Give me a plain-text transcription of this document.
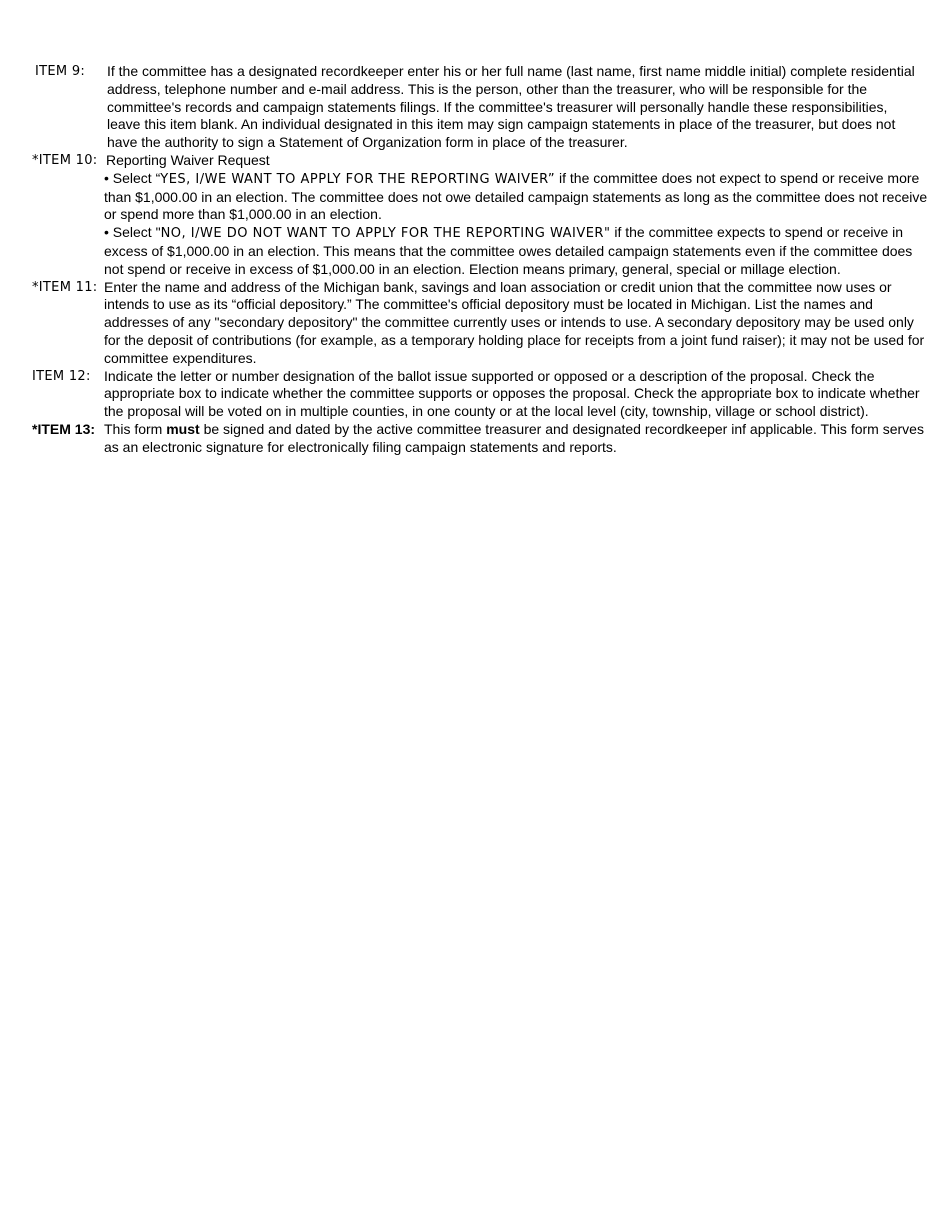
ITEM 9:	If the committee has a designated recordkeeper enter his or her full name (last name, first name middle initial) complete residential address, telephone number and e-mail address. This is the person, other than the treasurer, who will be responsible for the committee's records and campaign statements filings. If the committee's treasurer will personally handle these responsibilities, leave this item blank. An individual designated in this item may sign campaign statements in place of the treasurer, but does not have the authority to sign a Statement of Organization form in place of the treasurer.

*ITEM 10: Reporting Waiver Request

• Select “YES, I/WE WANT TO APPLY FOR THE REPORTING WAIVER” if the committee does not expect to spend or receive more than $1,000.00 in an election. The committee does not owe detailed campaign statements as long as the committee does not receive or spend more than $1,000.00 in an election.

• Select "NO, I/WE DO NOT WANT TO APPLY FOR THE REPORTING WAIVER" if the committee expects to spend or receive in excess of $1,000.00 in an election. This means that the committee owes detailed campaign statements even if the committee does not spend or receive in excess of $1,000.00 in an election. Election means primary, general, special or millage election.

*ITEM 11: Enter the name and address of the Michigan bank, savings and loan association or credit union that the committee now uses or intends to use as its “official depository.” The committee's official depository must be located in Michigan. List the names and addresses of any "secondary depository" the committee currently uses or intends to use. A secondary depository may be used only for the deposit of contributions (for example, as a temporary holding place for receipts from a joint fund raiser); it may not be used for committee expenditures.

ITEM 12: Indicate the letter or number designation of the ballot issue supported or opposed or a description of the proposal. Check the appropriate box to indicate whether the committee supports or opposes the proposal. Check the appropriate box to indicate whether the proposal will be voted on in multiple counties, in one county or at the local level (city, township, village or school district).

*ITEM 13: This form must be signed and dated by the active committee treasurer and designated recordkeeper inf applicable. This form serves as an electronic signature for electronically filing campaign statements and reports.
